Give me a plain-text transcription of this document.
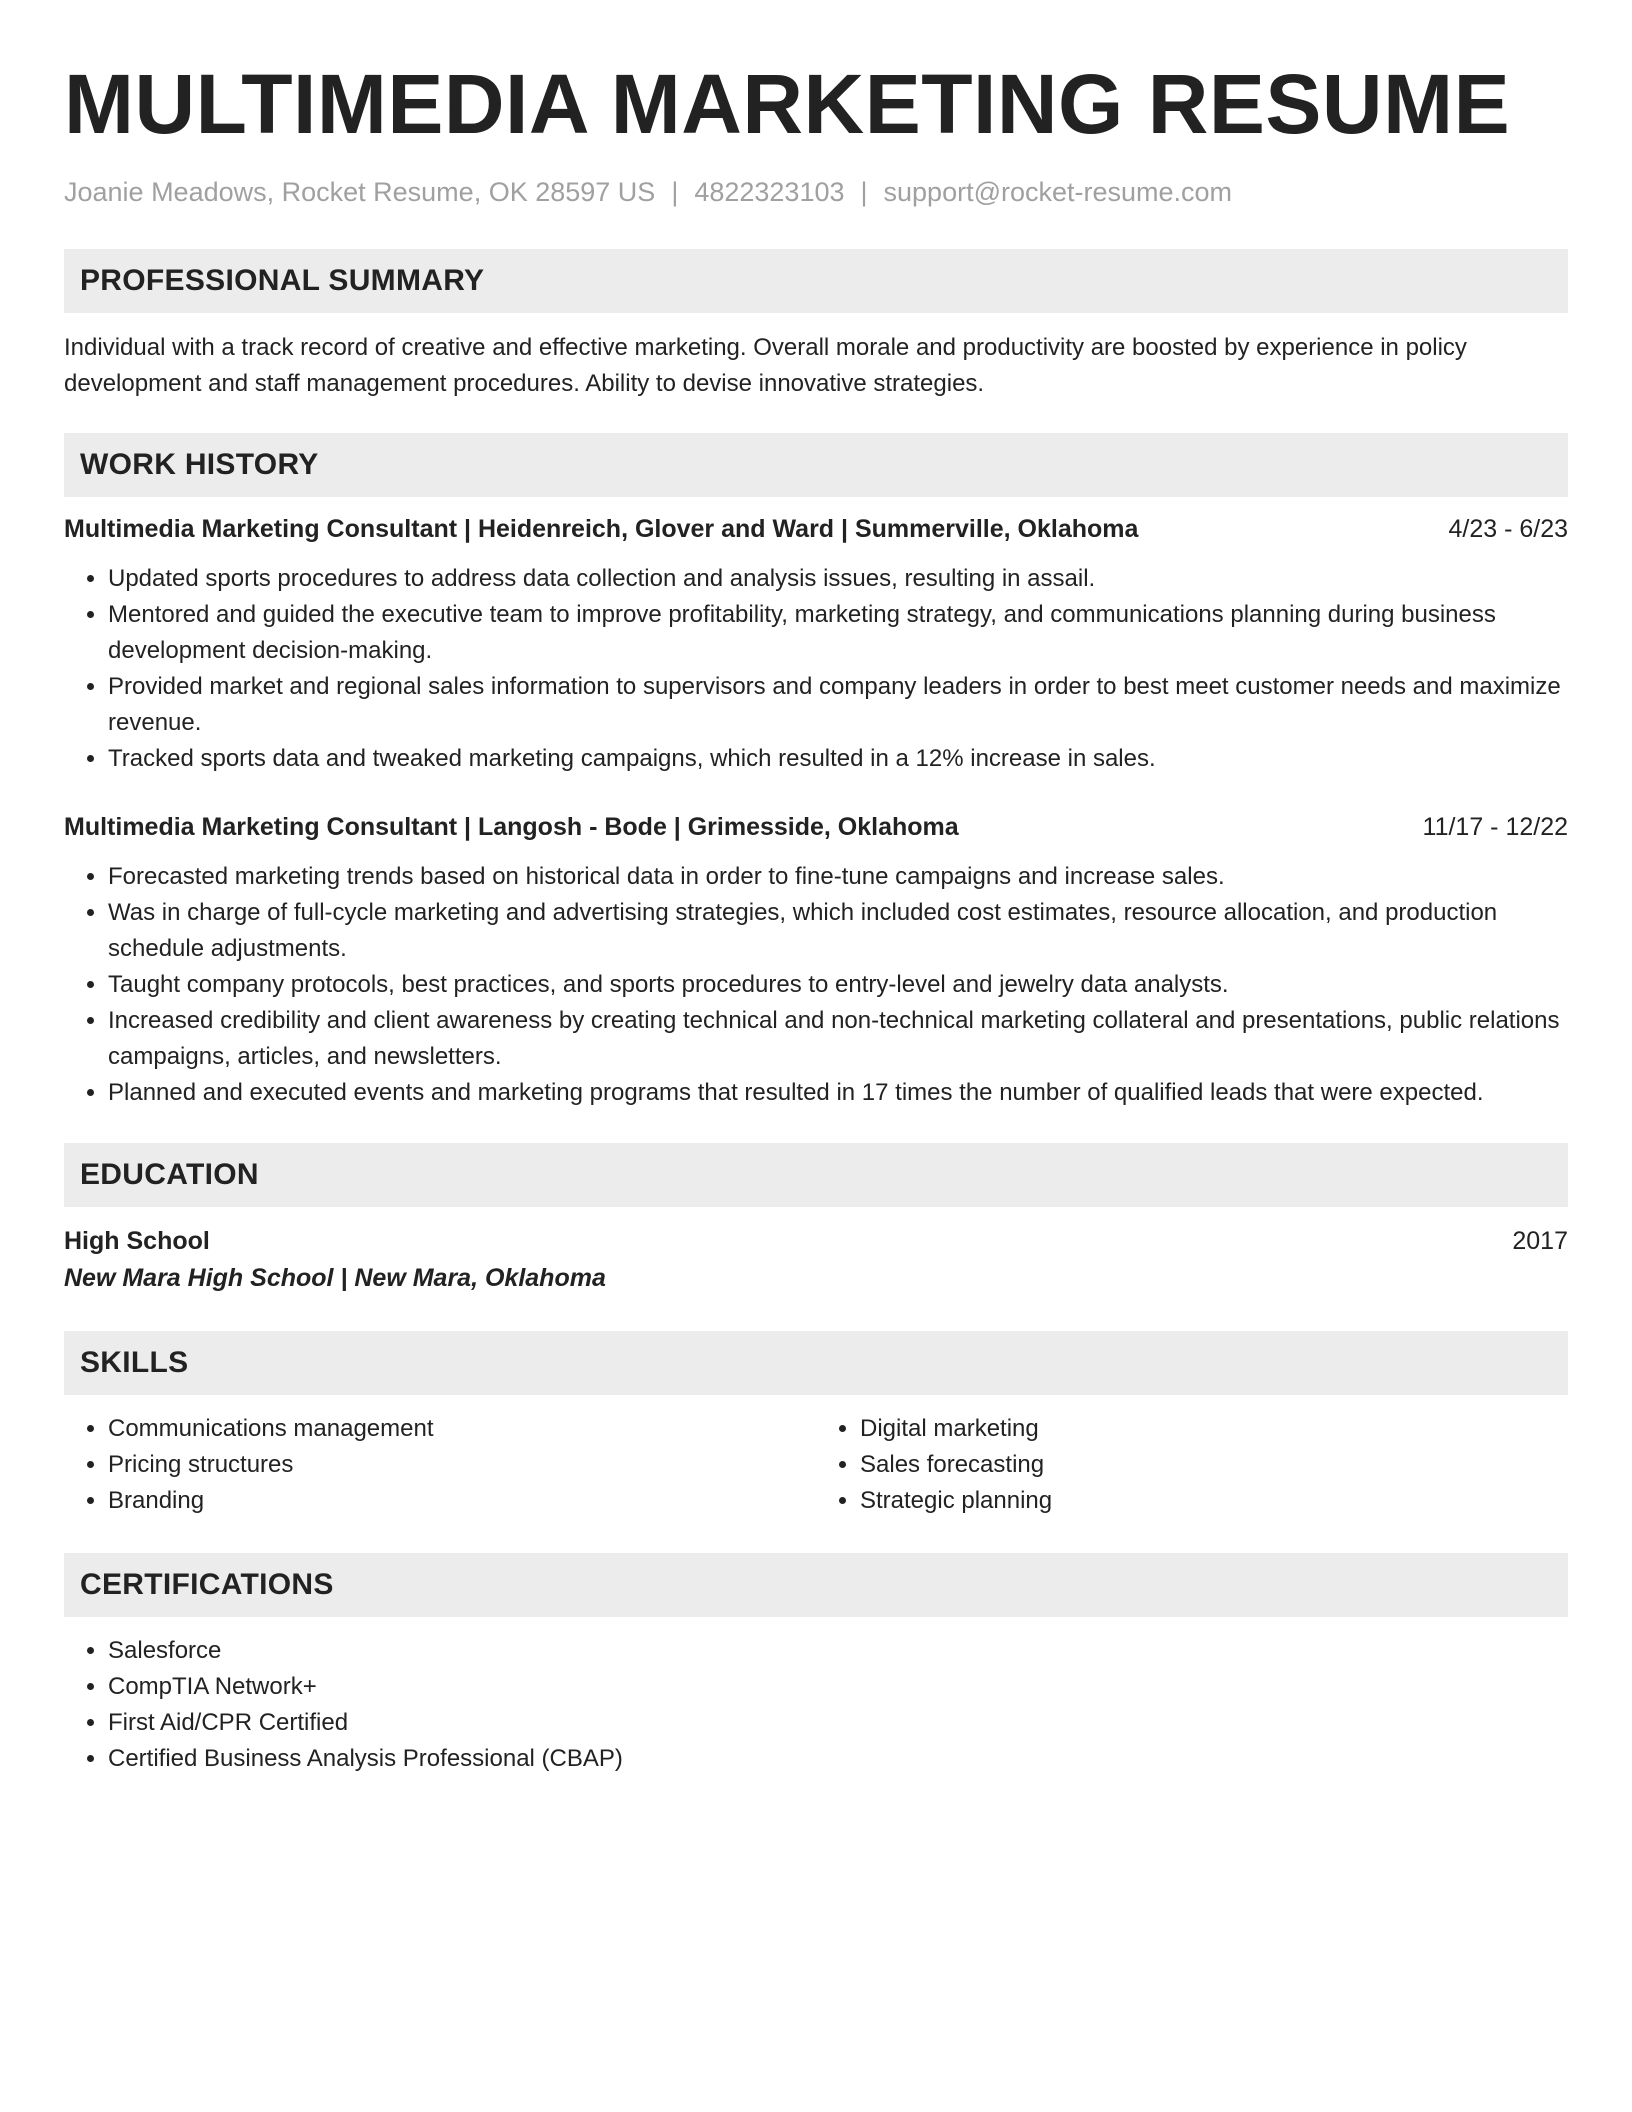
MULTIMEDIA MARKETING RESUME
Joanie Meadows, Rocket Resume, OK 28597 US | 4822323103 | support@rocket-resume.com
PROFESSIONAL SUMMARY
Individual with a track record of creative and effective marketing. Overall morale and productivity are boosted by experience in policy development and staff management procedures. Ability to devise innovative strategies.
WORK HISTORY
Multimedia Marketing Consultant | Heidenreich, Glover and Ward | Summerville, Oklahoma	4/23 - 6/23
• Updated sports procedures to address data collection and analysis issues, resulting in assail.
• Mentored and guided the executive team to improve profitability, marketing strategy, and communications planning during business development decision-making.
• Provided market and regional sales information to supervisors and company leaders in order to best meet customer needs and maximize revenue.
• Tracked sports data and tweaked marketing campaigns, which resulted in a 12% increase in sales.
Multimedia Marketing Consultant | Langosh - Bode | Grimesside, Oklahoma	11/17 - 12/22
• Forecasted marketing trends based on historical data in order to fine-tune campaigns and increase sales.
• Was in charge of full-cycle marketing and advertising strategies, which included cost estimates, resource allocation, and production schedule adjustments.
• Taught company protocols, best practices, and sports procedures to entry-level and jewelry data analysts.
• Increased credibility and client awareness by creating technical and non-technical marketing collateral and presentations, public relations campaigns, articles, and newsletters.
• Planned and executed events and marketing programs that resulted in 17 times the number of qualified leads that were expected.
EDUCATION
High School	2017
New Mara High School | New Mara, Oklahoma
SKILLS
• Communications management
• Pricing structures
• Branding
• Digital marketing
• Sales forecasting
• Strategic planning
CERTIFICATIONS
• Salesforce
• CompTIA Network+
• First Aid/CPR Certified
• Certified Business Analysis Professional (CBAP)
